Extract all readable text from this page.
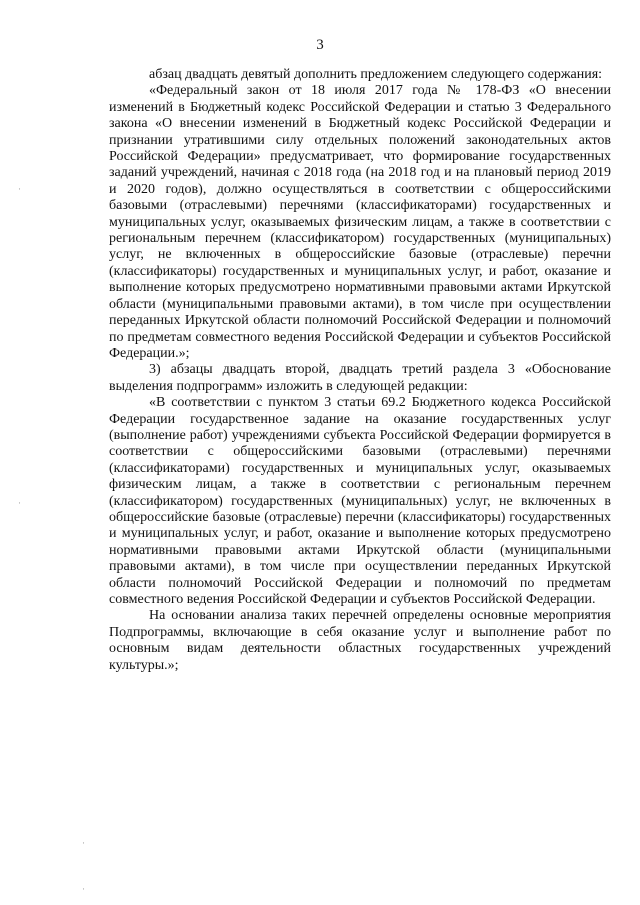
3

абзац двадцать девятый дополнить предложением следующего содержания:

«Федеральный закон от 18 июля 2017 года № 178-ФЗ «О внесении изменений в Бюджетный кодекс Российской Федерации и статью 3 Федерального закона «О внесении изменений в Бюджетный кодекс Российской Федерации и признании утратившими силу отдельных положений законодательных актов Российской Федерации» предусматривает, что формирование государственных заданий учреждений, начиная с 2018 года (на 2018 год и на плановый период 2019 и 2020 годов), должно осуществляться в соответствии с общероссийскими базовыми (отраслевыми) перечнями (классификаторами) государственных и муниципальных услуг, оказываемых физическим лицам, а также в соответствии с региональным перечнем (классификатором) государственных (муниципальных) услуг, не включенных в общероссийские базовые (отраслевые) перечни (классификаторы) государственных и муниципальных услуг, и работ, оказание и выполнение которых предусмотрено нормативными правовыми актами Иркутской области (муниципальными правовыми актами), в том числе при осуществлении переданных Иркутской области полномочий Российской Федерации и полномочий по предметам совместного ведения Российской Федерации и субъектов Российской Федерации.»;

3) абзацы двадцать второй, двадцать третий раздела 3 «Обоснование выделения подпрограмм» изложить в следующей редакции:

«В соответствии с пунктом 3 статьи 69.2 Бюджетного кодекса Российской Федерации государственное задание на оказание государственных услуг (выполнение работ) учреждениями субъекта Российской Федерации формируется в соответствии с общероссийскими базовыми (отраслевыми) перечнями (классификаторами) государственных и муниципальных услуг, оказываемых физическим лицам, а также в соответствии с региональным перечнем (классификатором) государственных (муниципальных) услуг, не включенных в общероссийские базовые (отраслевые) перечни (классификаторы) государственных и муниципальных услуг, и работ, оказание и выполнение которых предусмотрено нормативными правовыми актами Иркутской области (муниципальными правовыми актами), в том числе при осуществлении переданных Иркутской области полномочий Российской Федерации и полномочий по предметам совместного ведения Российской Федерации и субъектов Российской Федерации.

На основании анализа таких перечней определены основные мероприятия Подпрограммы, включающие в себя оказание услуг и выполнение работ по основным видам деятельности областных государственных учреждений культуры.»;

·
·
·
·
